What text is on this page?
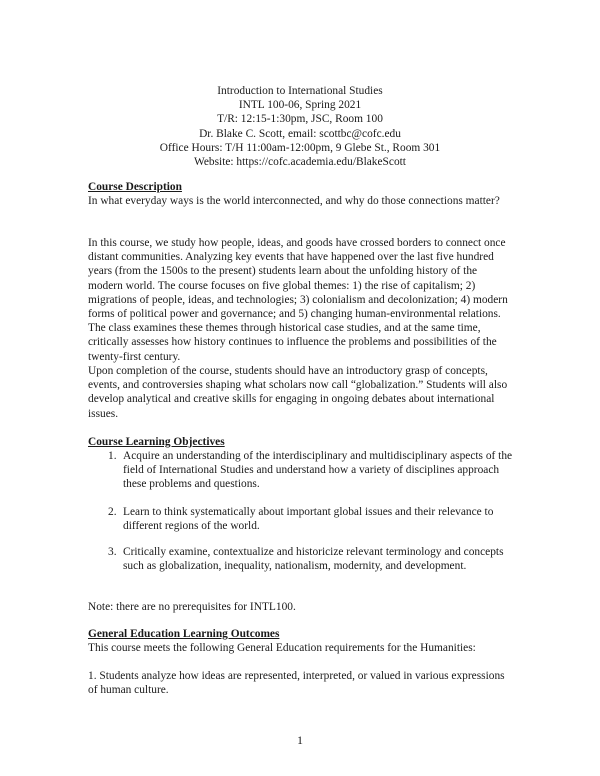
Introduction to International Studies
INTL 100-06, Spring 2021
T/R: 12:15-1:30pm, JSC, Room 100
Dr. Blake C. Scott, email: scottbc@cofc.edu
Office Hours: T/H 11:00am-12:00pm, 9 Glebe St., Room 301
Website: https://cofc.academia.edu/BlakeScott
Course Description

In what everyday ways is the world interconnected, and why do those connections matter?

In this course, we study how people, ideas, and goods have crossed borders to connect once distant communities. Analyzing key events that have happened over the last five hundred years (from the 1500s to the present) students learn about the unfolding history of the modern world. The course focuses on five global themes: 1) the rise of capitalism; 2) migrations of people, ideas, and technologies; 3) colonialism and decolonization; 4) modern forms of political power and governance; and 5) changing human-environmental relations. The class examines these themes through historical case studies, and at the same time, critically assesses how history continues to influence the problems and possibilities of the twenty-first century.

Upon completion of the course, students should have an introductory grasp of concepts, events, and controversies shaping what scholars now call “globalization.” Students will also develop analytical and creative skills for engaging in ongoing debates about international issues.

Course Learning Objectives
1. Acquire an understanding of the interdisciplinary and multidisciplinary aspects of the field of International Studies and understand how a variety of disciplines approach these problems and questions.
2. Learn to think systematically about important global issues and their relevance to different regions of the world.
3. Critically examine, contextualize and historicize relevant terminology and concepts such as globalization, inequality, nationalism, modernity, and development.

Note: there are no prerequisites for INTL100.

General Education Learning Outcomes

This course meets the following General Education requirements for the Humanities:

1. Students analyze how ideas are represented, interpreted, or valued in various expressions of human culture.

1
